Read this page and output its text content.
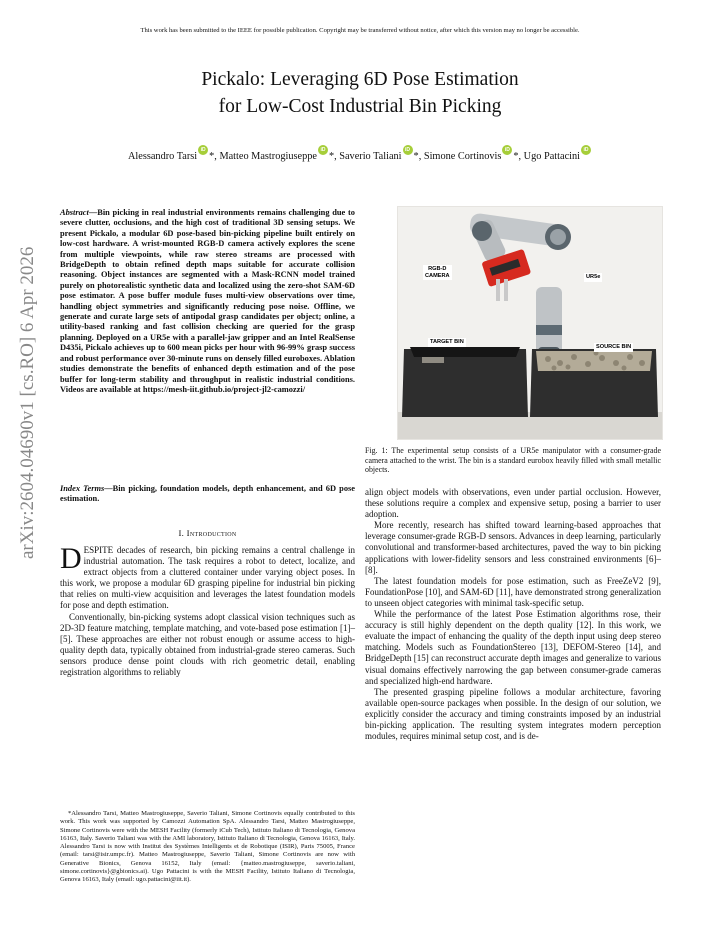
This work has been submitted to the IEEE for possible publication. Copyright may be transferred without notice, after which this version may no longer be accessible.
Pickalo: Leveraging 6D Pose Estimation
for Low-Cost Industrial Bin Picking
Alessandro TarsiiD *, Matteo MastrogiuseppeiD *, Saverio TalianiiD *, Simone CortinovisiD *, Ugo PattaciniiD
arXiv:2604.04690v1 [cs.RO] 6 Apr 2026

Abstract—Bin picking in real industrial environments remains challenging due to severe clutter, occlusions, and the high cost of traditional 3D sensing setups. We present Pickalo, a modular 6D pose-based bin-picking pipeline built entirely on low-cost hardware. A wrist-mounted RGB-D camera actively explores the scene from multiple viewpoints, while raw stereo streams are processed with BridgeDepth to obtain refined depth maps suitable for accurate collision reasoning. Object instances are segmented with a Mask-RCNN model trained purely on photorealistic synthetic data and localized using the zero-shot SAM-6D pose estimator. A pose buffer module fuses multi-view observations over time, handling object symmetries and significantly reducing pose noise. Offline, we generate and curate large sets of antipodal grasp candidates per object; online, a utility-based ranking and fast collision checking are queried for the grasp planning. Deployed on a UR5e with a parallel-jaw gripper and an Intel RealSense D435i, Pickalo achieves up to 600 mean picks per hour with 96-99% grasp success and robust performance over 30-minute runs on densely filled euroboxes. Ablation studies demonstrate the benefits of enhanced depth estimation and of the pose buffer for long-term stability and throughput in realistic industrial conditions. Videos are available at https://mesh-iit.github.io/project-jl2-camozzi/

Index Terms—Bin picking, foundation models, depth enhancement, and 6D pose estimation.

I. Introduction

DESPITE decades of research, bin picking remains a central challenge in industrial automation. The task requires a robot to detect, localize, and extract objects from a cluttered container under varying object poses. In this work, we propose a modular 6D grasping pipeline for industrial bin picking that relies on multi-view acquisition and leverages the latest foundation models for pose and depth estimation.

Conventionally, bin-picking systems adopt classical vision techniques such as 2D-3D feature matching, template matching, and vote-based pose estimation [1]–[5]. These approaches are either not robust enough or assume access to high-quality depth data, typically obtained from industrial-grade stereo cameras. Such sensors produce dense point clouds with rich geometric detail, enabling registration algorithms to reliably

*Alessandro Tarsi, Matteo Mastrogiuseppe, Saverio Taliani, Simone Cortinovis equally contributed to this work. This work was supported by Camozzi Automation SpA. Alessandro Tarsi, Matteo Mastrogiuseppe, Simone Cortinovis were with the MESH Facility (formerly iCub Tech), Istituto Italiano di Tecnologia, Genova 16163, Italy. Saverio Taliani was with the AMI laboratory, Istituto Italiano di Tecnologia, Genova 16163, Italy. Alessandro Tarsi is now with Institut des Systèmes Intelligents et de Robotique (ISIR), Paris 75005, France (email: tarsi@isir.umpc.fr). Matteo Mastrogiuseppe, Saverio Taliani, Simone Cortinovis are now with Generative Bionics, Genova 16152, Italy (email: {matteo.mastrogiuseppe, saverio.taliani, simone.cortinovis}@gbionics.ai). Ugo Pattacini is with the MESH Facility, Istituto Italiano di Tecnologia, Genova 16163, Italy (email: ugo.pattacini@iit.it).

RGB-D
CAMERA	UR5e
TARGET BIN
SOURCE BIN
Fig. 1: The experimental setup consists of a UR5e manipulator with a consumer-grade camera attached to the wrist. The bin is a standard eurobox heavily filled with small metallic objects.

align object models with observations, even under partial occlusion. However, these solutions require a complex and expensive setup, posing a barrier to user adoption.

More recently, research has shifted toward learning-based approaches that leverage consumer-grade RGB-D sensors. Advances in deep learning, particularly convolutional and transformer-based architectures, paved the way to bin picking applications with lower-fidelity sensors and less constrained environments [6]–[8].

The latest foundation models for pose estimation, such as FreeZeV2 [9], FoundationPose [10], and SAM-6D [11], have demonstrated strong generalization to unseen object categories with minimal task-specific setup.

While the performance of the latest Pose Estimation algorithms rose, their accuracy is still highly dependent on the depth quality [12]. In this work, we evaluate the impact of enhancing the quality of the depth input using deep stereo matching. Models such as FoundationStereo [13], DEFOM-Stereo [14], and BridgeDepth [15] can reconstruct accurate depth images and generalize to various visual domains effectively narrowing the gap between consumer-grade cameras and specialized high-end hardware.

The presented grasping pipeline follows a modular architecture, favoring available open-source packages when possible. In the design of our solution, we explicitly consider the accuracy and timing constraints imposed by an industrial bin-picking application. The resulting system integrates modern perception modules, requires minimal setup cost, and is de-
